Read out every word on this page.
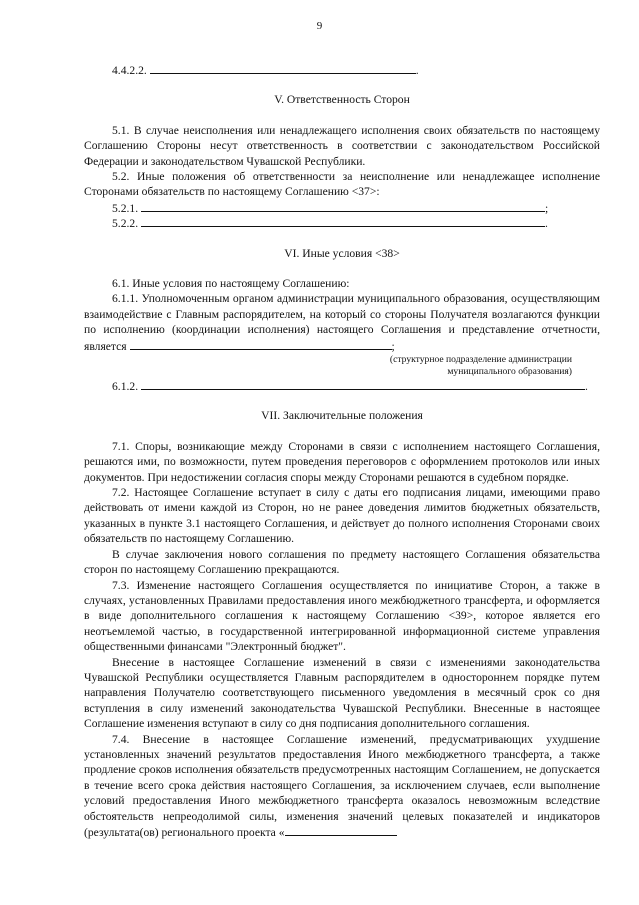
9
4.4.2.2.	.

V. Ответственность Сторон

5.1. В случае неисполнения или ненадлежащего исполнения своих обязательств по настоящему Соглашению Стороны несут ответственность в соответствии с законодательством Российской Федерации и законодательством Чувашской Республики.

5.2. Иные положения об ответственности за неисполнение или ненадлежащее исполнение Сторонами обязательств по настоящему Соглашению <37>:

5.2.1.	;
5.2.2.	.

VI. Иные условия <38>

6.1. Иные условия по настоящему Соглашению:

6.1.1. Уполномоченным органом администрации муниципального образования, осуществляющим взаимодействие с Главным распорядителем, на который со стороны Получателя возлагаются функции по исполнению (координации исполнения) настоящего Соглашения и представление отчетности, является	;

(структурное подразделение администрации
муниципального образования)

6.1.2.	.

VII. Заключительные положения

7.1. Споры, возникающие между Сторонами в связи с исполнением настоящего Соглашения, решаются ими, по возможности, путем проведения переговоров с оформлением протоколов или иных документов. При недостижении согласия споры между Сторонами решаются в судебном порядке.

7.2. Настоящее Соглашение вступает в силу с даты его подписания лицами, имеющими право действовать от имени каждой из Сторон, но не ранее доведения лимитов бюджетных обязательств, указанных в пункте 3.1 настоящего Соглашения, и действует до полного исполнения Сторонами своих обязательств по настоящему Соглашению.

В случае заключения нового соглашения по предмету настоящего Соглашения обязательства сторон по настоящему Соглашению прекращаются.

7.3. Изменение настоящего Соглашения осуществляется по инициативе Сторон, а также в случаях, установленных Правилами предоставления иного межбюджетного трансферта, и оформляется в виде дополнительного соглашения к настоящему Соглашению <39>, которое является его неотъемлемой частью, в государственной интегрированной информационной системе управления общественными финансами "Электронный бюджет".

Внесение в настоящее Соглашение изменений в связи с изменениями законодательства Чувашской Республики осуществляется Главным распорядителем в одностороннем порядке путем направления Получателю соответствующего письменного уведомления в месячный срок со дня вступления в силу изменений законодательства Чувашской Республики. Внесенные в настоящее Соглашение изменения вступают в силу со дня подписания дополнительного соглашения.

7.4. Внесение в настоящее Соглашение изменений, предусматривающих ухудшение установленных значений результатов предоставления Иного межбюджетного трансферта, а также продление сроков исполнения обязательств предусмотренных настоящим Соглашением, не допускается в течение всего срока действия настоящего Соглашения, за исключением случаев, если выполнение условий предоставления Иного межбюджетного трансферта оказалось невозможным вследствие обстоятельств непреодолимой силы, изменения значений целевых показателей и индикаторов (результата(ов) регионального проекта «
